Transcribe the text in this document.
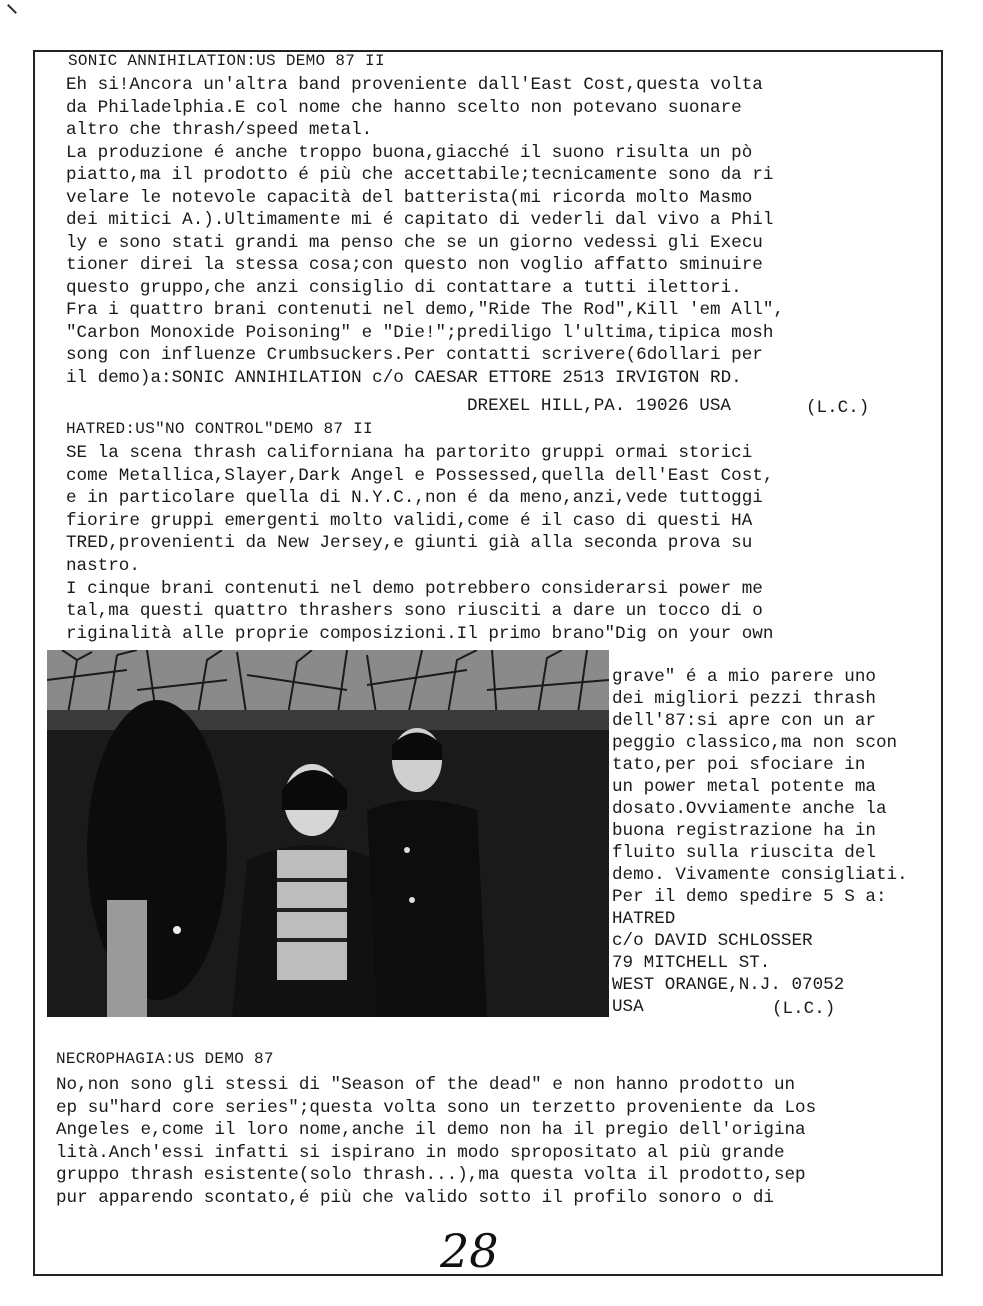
SONIC ANNIHILATION:US DEMO 87 II
Eh si!Ancora un'altra band proveniente dall'East Cost,questa volta
da Philadelphia.E col nome che hanno scelto non potevano suonare
altro che thrash/speed metal.
La produzione é anche troppo buona,giacché il suono risulta un pò
piatto,ma il prodotto é più che accettabile;tecnicamente sono da ri
velare le notevole capacità del batterista(mi ricorda molto Masmo
dei mitici A.).Ultimamente mi é capitato di vederli dal vivo a Phil
ly e sono stati grandi ma penso che se un giorno vedessi gli Execu
tioner direi la stessa cosa;con questo non voglio affatto sminuire
questo gruppo,che anzi consiglio di contattare a tutti ilettori.
Fra i quattro brani contenuti nel demo,"Ride The Rod",Kill 'em All",
"Carbon Monoxide Poisoning" e "Die!";prediligo l'ultima,tipica mosh
song con influenze Crumbsuckers.Per contatti scrivere(6dollari per
il demo)a:SONIC ANNIHILATION c/o CAESAR ETTORE 2513 IRVIGTON RD.
DREXEL HILL,PA. 19026 USA	(L.C.)
HATRED:US"NO CONTROL"DEMO 87 II
SE la scena thrash californiana ha partorito gruppi ormai storici
come Metallica,Slayer,Dark Angel e Possessed,quella dell'East Cost,
e in particolare quella di N.Y.C.,non é da meno,anzi,vede tuttoggi
fiorire gruppi emergenti molto validi,come é il caso di questi HA
TRED,provenienti da New Jersey,e giunti già alla seconda prova su
nastro.
I cinque brani contenuti nel demo potrebbero considerarsi power me
tal,ma questi quattro thrashers sono riusciti a dare un tocco di o
riginalità alle proprie composizioni.Il primo brano"Dig on your own
grave" é a mio parere uno
dei migliori pezzi thrash
dell'87:si apre con un ar
peggio classico,ma non scon
tato,per poi sfociare in
un power metal potente ma
dosato.Ovviamente anche la
buona registrazione ha in
fluito sulla riuscita del
demo. Vivamente consigliati.
Per il demo spedire 5 S a:
HATRED
c/o DAVID SCHLOSSER
79 MITCHELL ST.
WEST ORANGE,N.J. 07052
USA	(L.C.)
NECROPHAGIA:US DEMO 87
No,non sono gli stessi di "Season of the dead" e non hanno prodotto un
ep su"hard core series";questa volta sono un terzetto proveniente da Los
Angeles e,come il loro nome,anche il demo non ha il pregio dell'origina
lità.Anch'essi infatti si ispirano in modo spropositato al più grande
gruppo thrash esistente(solo thrash...),ma questa volta il prodotto,sep
pur apparendo scontato,é più che valido sotto il profilo sonoro o di
28
